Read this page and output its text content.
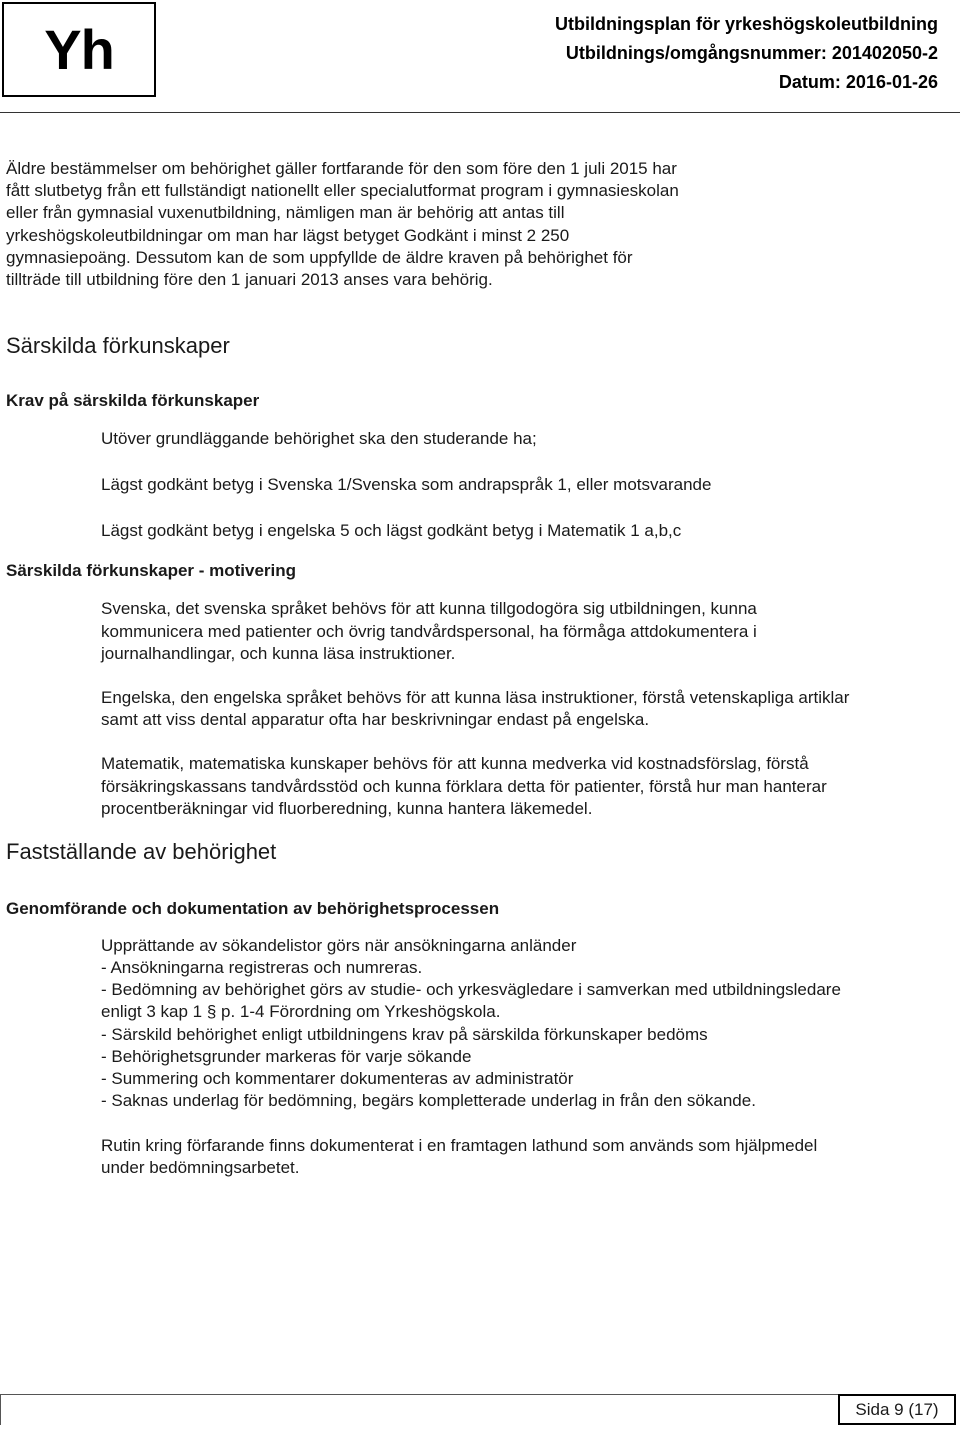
Yh	Utbildningsplan för yrkeshögskoleutbildning
Utbildnings/omgångsnummer: 201402050-2
Datum: 2016-01-26
Äldre bestämmelser om behörighet gäller fortfarande för den som före den 1 juli 2015 har
fått slutbetyg från ett fullständigt nationellt eller specialutformat program i gymnasieskolan
eller från gymnasial vuxenutbildning, nämligen man är behörig att antas till
yrkeshögskoleutbildningar om man har lägst betyget Godkänt i minst 2 250
gymnasiepoäng. Dessutom kan de som uppfyllde de äldre kraven på behörighet för
tillträde till utbildning före den 1 januari 2013 anses vara behörig.
Särskilda förkunskaper
Krav på särskilda förkunskaper
Utöver grundläggande behörighet ska den studerande ha;
Lägst godkänt betyg i Svenska 1/Svenska som andrapspråk 1, eller motsvarande
Lägst godkänt betyg i engelska 5 och lägst godkänt betyg i Matematik 1 a,b,c
Särskilda förkunskaper - motivering
Svenska, det svenska språket behövs för att kunna tillgodogöra sig utbildningen, kunna
kommunicera med patienter och övrig tandvårdspersonal, ha förmåga attdokumentera i
journalhandlingar, och kunna läsa instruktioner.
Engelska, den engelska språket behövs för att kunna läsa instruktioner, förstå vetenskapliga artiklar
samt att viss dental apparatur ofta har beskrivningar endast på engelska.
Matematik, matematiska kunskaper behövs för att kunna medverka vid kostnadsförslag, förstå
försäkringskassans tandvårdsstöd och kunna förklara detta för patienter, förstå hur man hanterar
procentberäkningar vid fluorberedning, kunna hantera läkemedel.
Fastställande av behörighet
Genomförande och dokumentation av behörighetsprocessen
Upprättande av sökandelistor görs när ansökningarna anländer
- Ansökningarna registreras och numreras.
- Bedömning av behörighet görs av studie- och yrkesvägledare i samverkan med utbildningsledare
enligt 3 kap 1 § p. 1-4 Förordning om Yrkeshögskola.
- Särskild behörighet enligt utbildningens krav på särskilda förkunskaper bedöms
- Behörighetsgrunder markeras för varje sökande
- Summering och kommentarer dokumenteras av administratör
- Saknas underlag för bedömning, begärs kompletterade underlag in från den sökande.
Rutin kring förfarande finns dokumenterat i en framtagen lathund som används som hjälpmedel
under bedömningsarbetet.
Sida 9 (17)
